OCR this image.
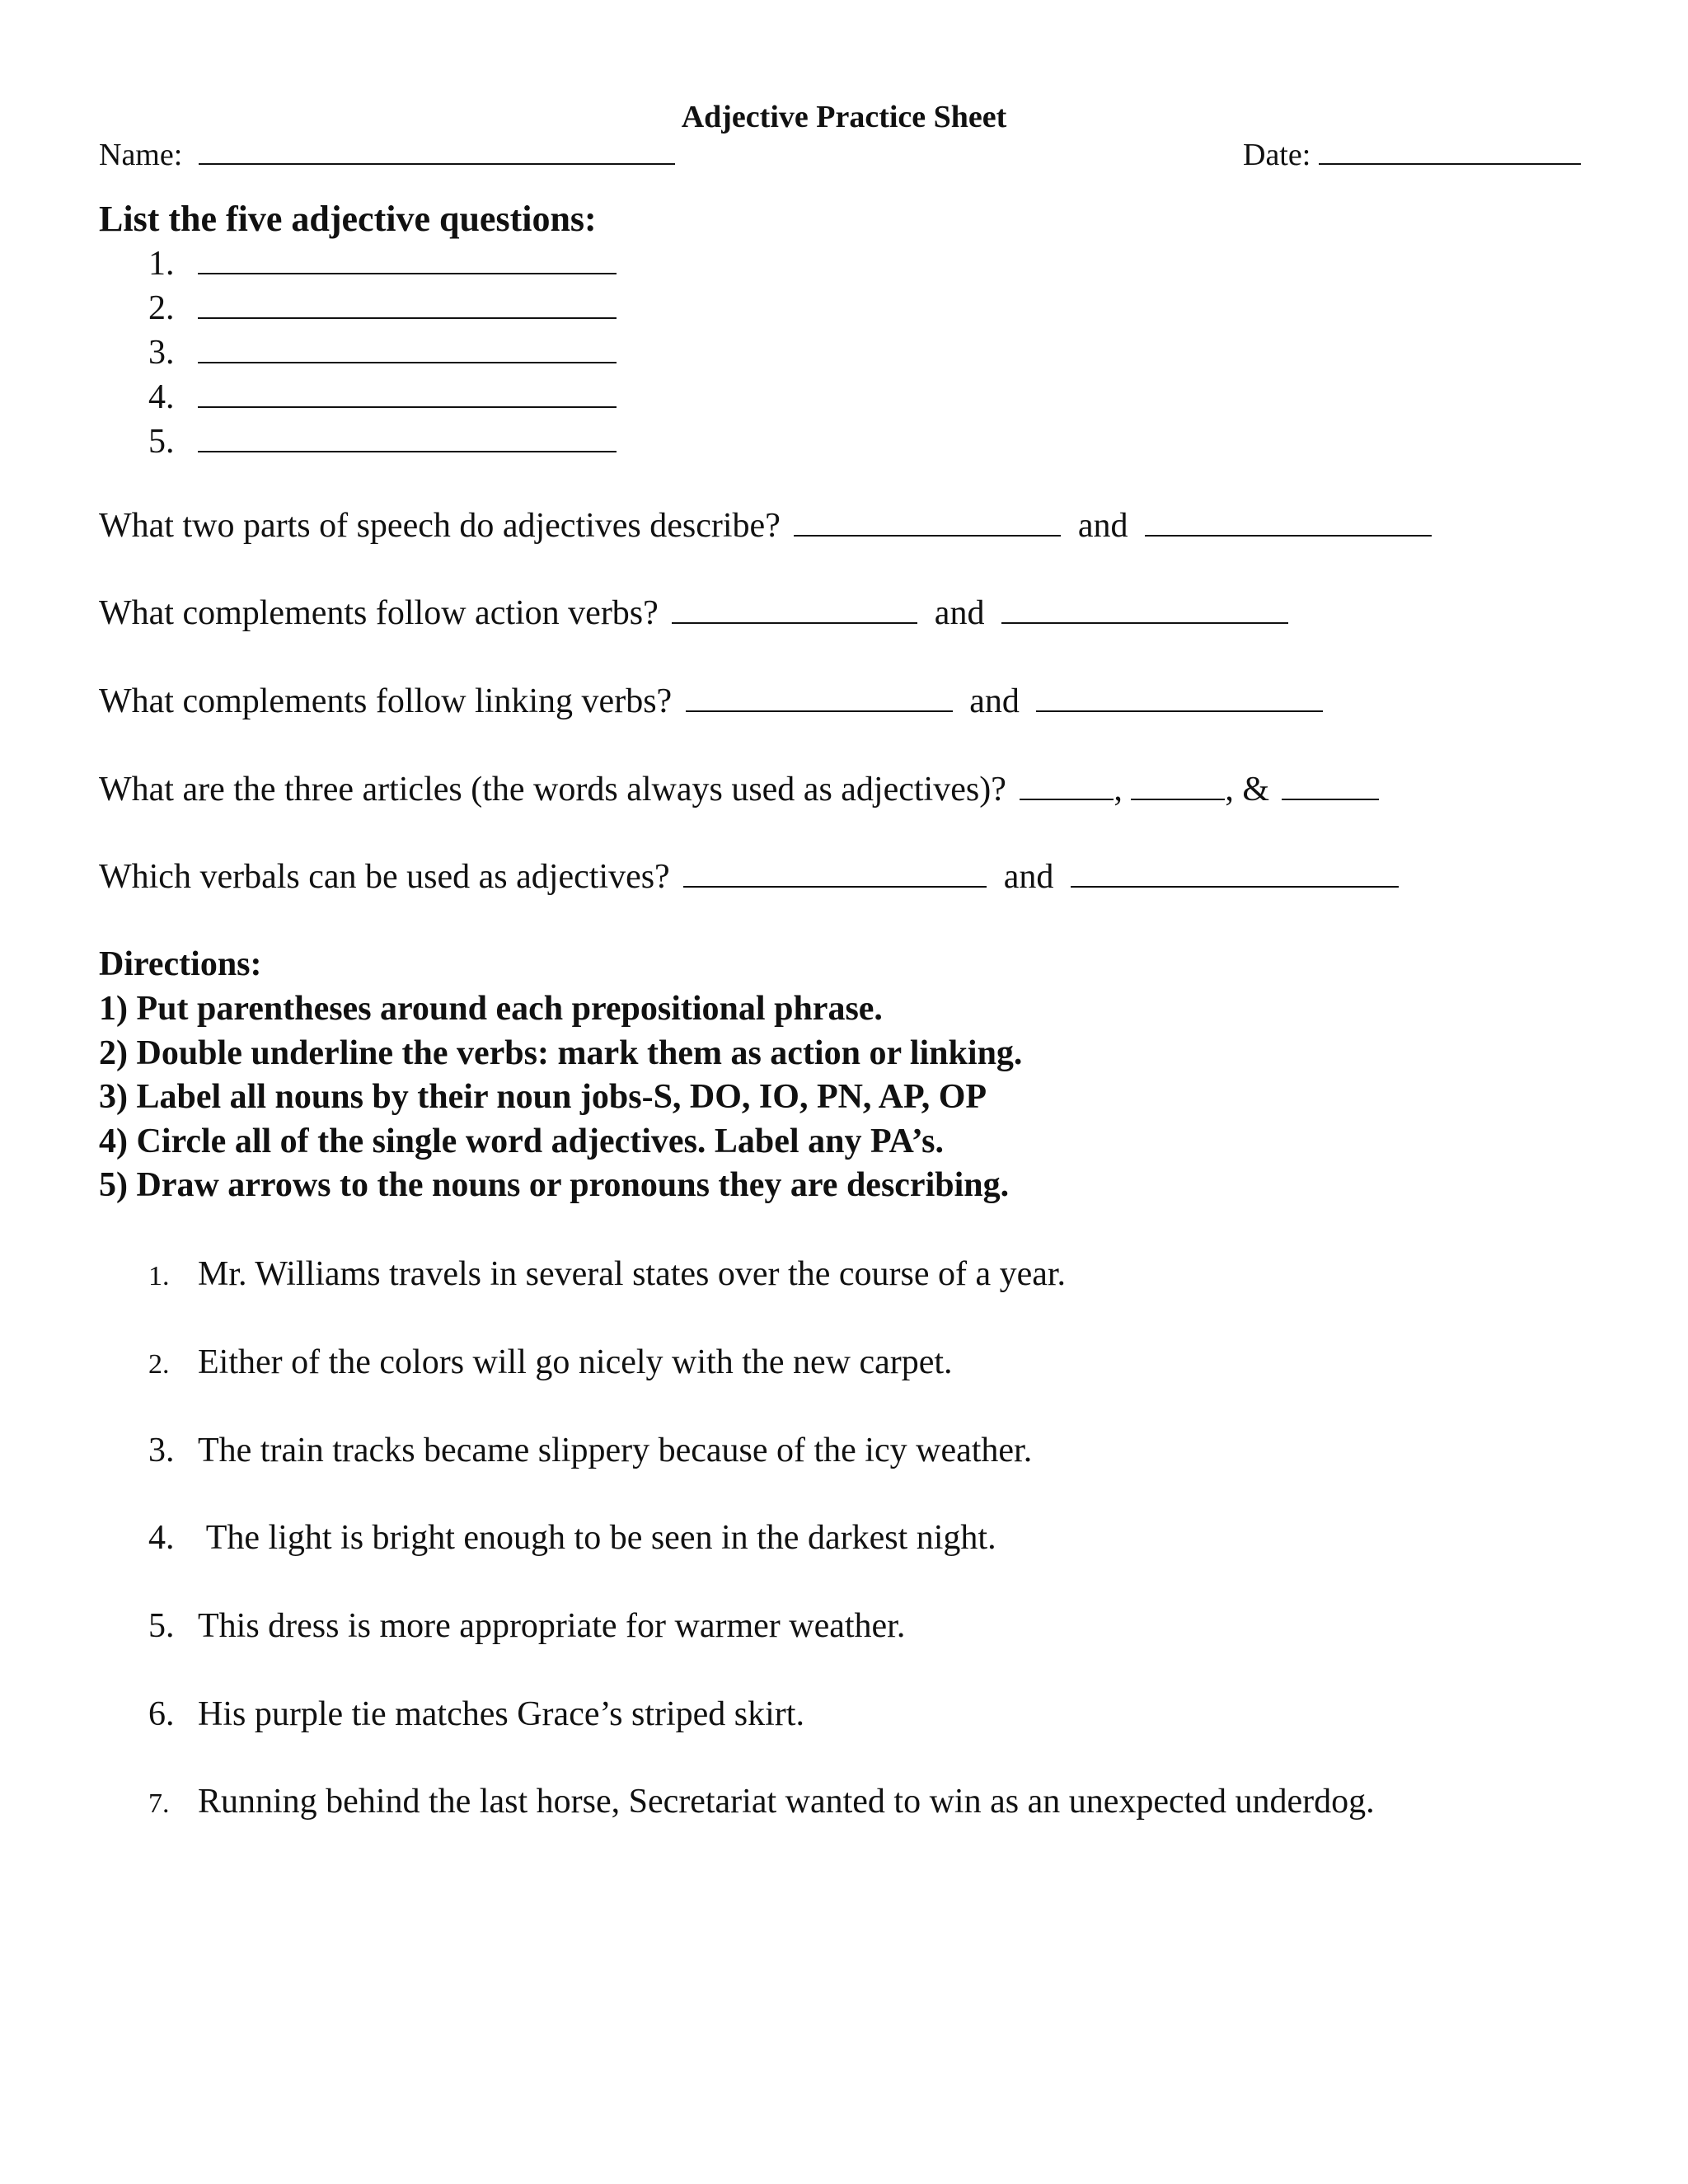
Adjective Practice Sheet
Name:	Date:
List the five adjective questions:
1.
2.
3.
4.
5.
What two parts of speech do adjectives describe?	and
What complements follow action verbs?	and
What complements follow linking verbs?	and
What are the three articles (the words always used as adjectives)?	,	, &
Which verbals can be used as adjectives?	and
Directions:
1) Put parentheses around each prepositional phrase.
2) Double underline the verbs: mark them as action or linking.
3) Label all nouns by their noun jobs-S, DO, IO, PN, AP, OP
4) Circle all of the single word adjectives. Label any PA’s.
5) Draw arrows to the nouns or pronouns they are describing.
1. Mr. Williams travels in several states over the course of a year.
2. Either of the colors will go nicely with the new carpet.
3. The train tracks became slippery because of the icy weather.
4. The light is bright enough to be seen in the darkest night.
5. This dress is more appropriate for warmer weather.
6. His purple tie matches Grace’s striped skirt.
7. Running behind the last horse, Secretariat wanted to win as an unexpected underdog.
